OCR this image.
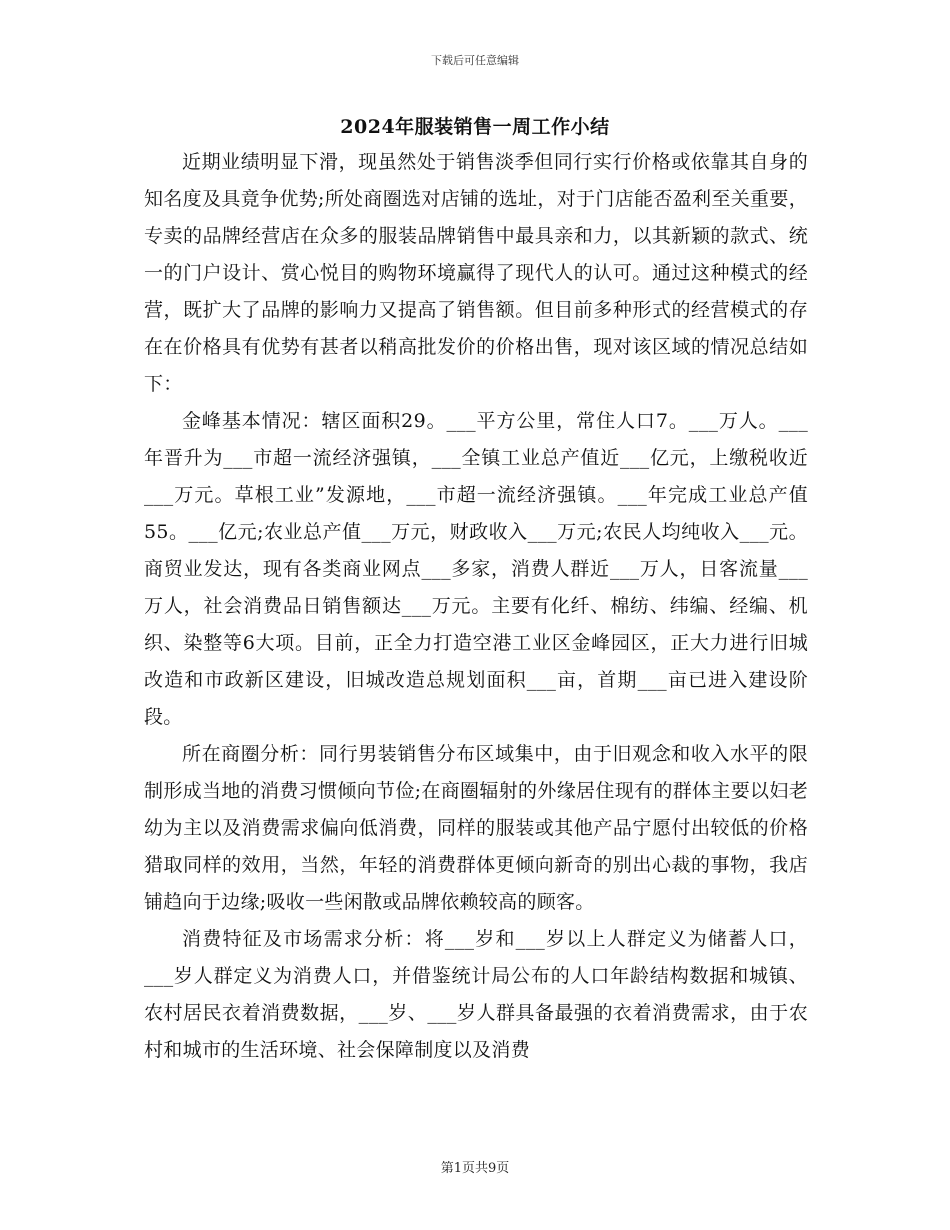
下载后可任意编辑
2024年服装销售一周工作小结

近期业绩明显下滑，现虽然处于销售淡季但同行实行价格或依靠其自身的知名度及具竟争优势;所处商圈选对店铺的选址，对于门店能否盈利至关重要，专卖的品牌经营店在众多的服装品牌销售中最具亲和力，以其新颖的款式、统一的门户设计、赏心悦目的购物环境赢得了现代人的认可。通过这种模式的经营，既扩大了品牌的影响力又提高了销售额。但目前多种形式的经营模式的存在在价格具有优势有甚者以稍高批发价的价格出售，现对该区域的情况总结如下：

金峰基本情况：辖区面积29。___平方公里，常住人口7。___万人。___年晋升为___市超一流经济强镇，___全镇工业总产值近___亿元，上缴税收近___万元。草根工业”发源地，___市超一流经济强镇。___年完成工业总产值55。___亿元;农业总产值___万元，财政收入___万元;农民人均纯收入___元。商贸业发达，现有各类商业网点___多家，消费人群近___万人，日客流量___万人，社会消费品日销售额达___万元。主要有化纤、棉纺、纬编、经编、机织、染整等6大项。目前，正全力打造空港工业区金峰园区，正大力进行旧城改造和市政新区建设，旧城改造总规划面积___亩，首期___亩已进入建设阶段。

所在商圈分析：同行男装销售分布区域集中，由于旧观念和收入水平的限制形成当地的消费习惯倾向节俭;在商圈辐射的外缘居住现有的群体主要以妇老幼为主以及消费需求偏向低消费，同样的服装或其他产品宁愿付出较低的价格猎取同样的效用，当然，年轻的消费群体更倾向新奇的别出心裁的事物，我店铺趋向于边缘;吸收一些闲散或品牌依赖较高的顾客。

消费特征及市场需求分析：将___岁和___岁以上人群定义为储蓄人口，___岁人群定义为消费人口，并借鉴统计局公布的人口年龄结构数据和城镇、农村居民衣着消费数据，___岁、___岁人群具备最强的衣着消费需求，由于农村和城市的生活环境、社会保障制度以及消费

第1页共9页
